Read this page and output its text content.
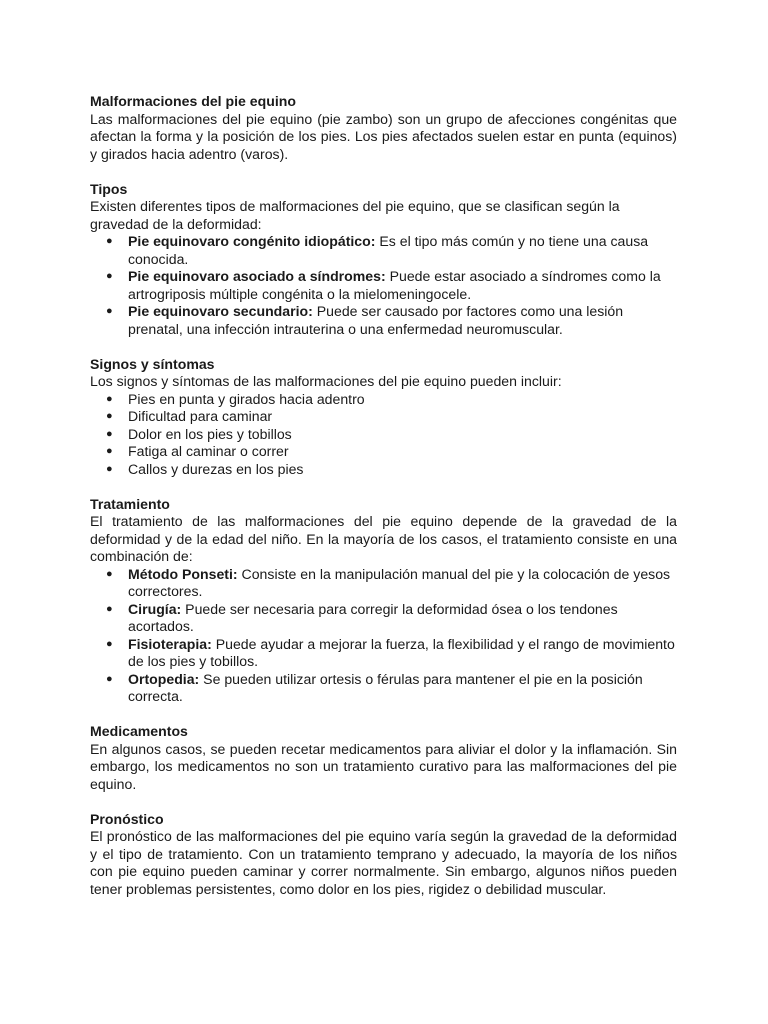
Malformaciones del pie equino

Las malformaciones del pie equino (pie zambo) son un grupo de afecciones congénitas que afectan la forma y la posición de los pies. Los pies afectados suelen estar en punta (equinos) y girados hacia adentro (varos).

Tipos

Existen diferentes tipos de malformaciones del pie equino, que se clasifican según la gravedad de la deformidad:

● Pie equinovaro congénito idiopático: Es el tipo más común y no tiene una causa conocida.
● Pie equinovaro asociado a síndromes: Puede estar asociado a síndromes como la artrogriposis múltiple congénita o la mielomeningocele.
● Pie equinovaro secundario: Puede ser causado por factores como una lesión prenatal, una infección intrauterina o una enfermedad neuromuscular.
Signos y síntomas

Los signos y síntomas de las malformaciones del pie equino pueden incluir:

● Pies en punta y girados hacia adentro
● Dificultad para caminar
● Dolor en los pies y tobillos
● Fatiga al caminar o correr
● Callos y durezas en los pies
Tratamiento

El tratamiento de las malformaciones del pie equino depende de la gravedad de la deformidad y de la edad del niño. En la mayoría de los casos, el tratamiento consiste en una combinación de:

● Método Ponseti: Consiste en la manipulación manual del pie y la colocación de yesos correctores.
● Cirugía: Puede ser necesaria para corregir la deformidad ósea o los tendones acortados.
● Fisioterapia: Puede ayudar a mejorar la fuerza, la flexibilidad y el rango de movimiento de los pies y tobillos.
● Ortopedia: Se pueden utilizar ortesis o férulas para mantener el pie en la posición correcta.
Medicamentos

En algunos casos, se pueden recetar medicamentos para aliviar el dolor y la inflamación. Sin embargo, los medicamentos no son un tratamiento curativo para las malformaciones del pie equino.

Pronóstico

El pronóstico de las malformaciones del pie equino varía según la gravedad de la deformidad y el tipo de tratamiento. Con un tratamiento temprano y adecuado, la mayoría de los niños con pie equino pueden caminar y correr normalmente. Sin embargo, algunos niños pueden tener problemas persistentes, como dolor en los pies, rigidez o debilidad muscular.
